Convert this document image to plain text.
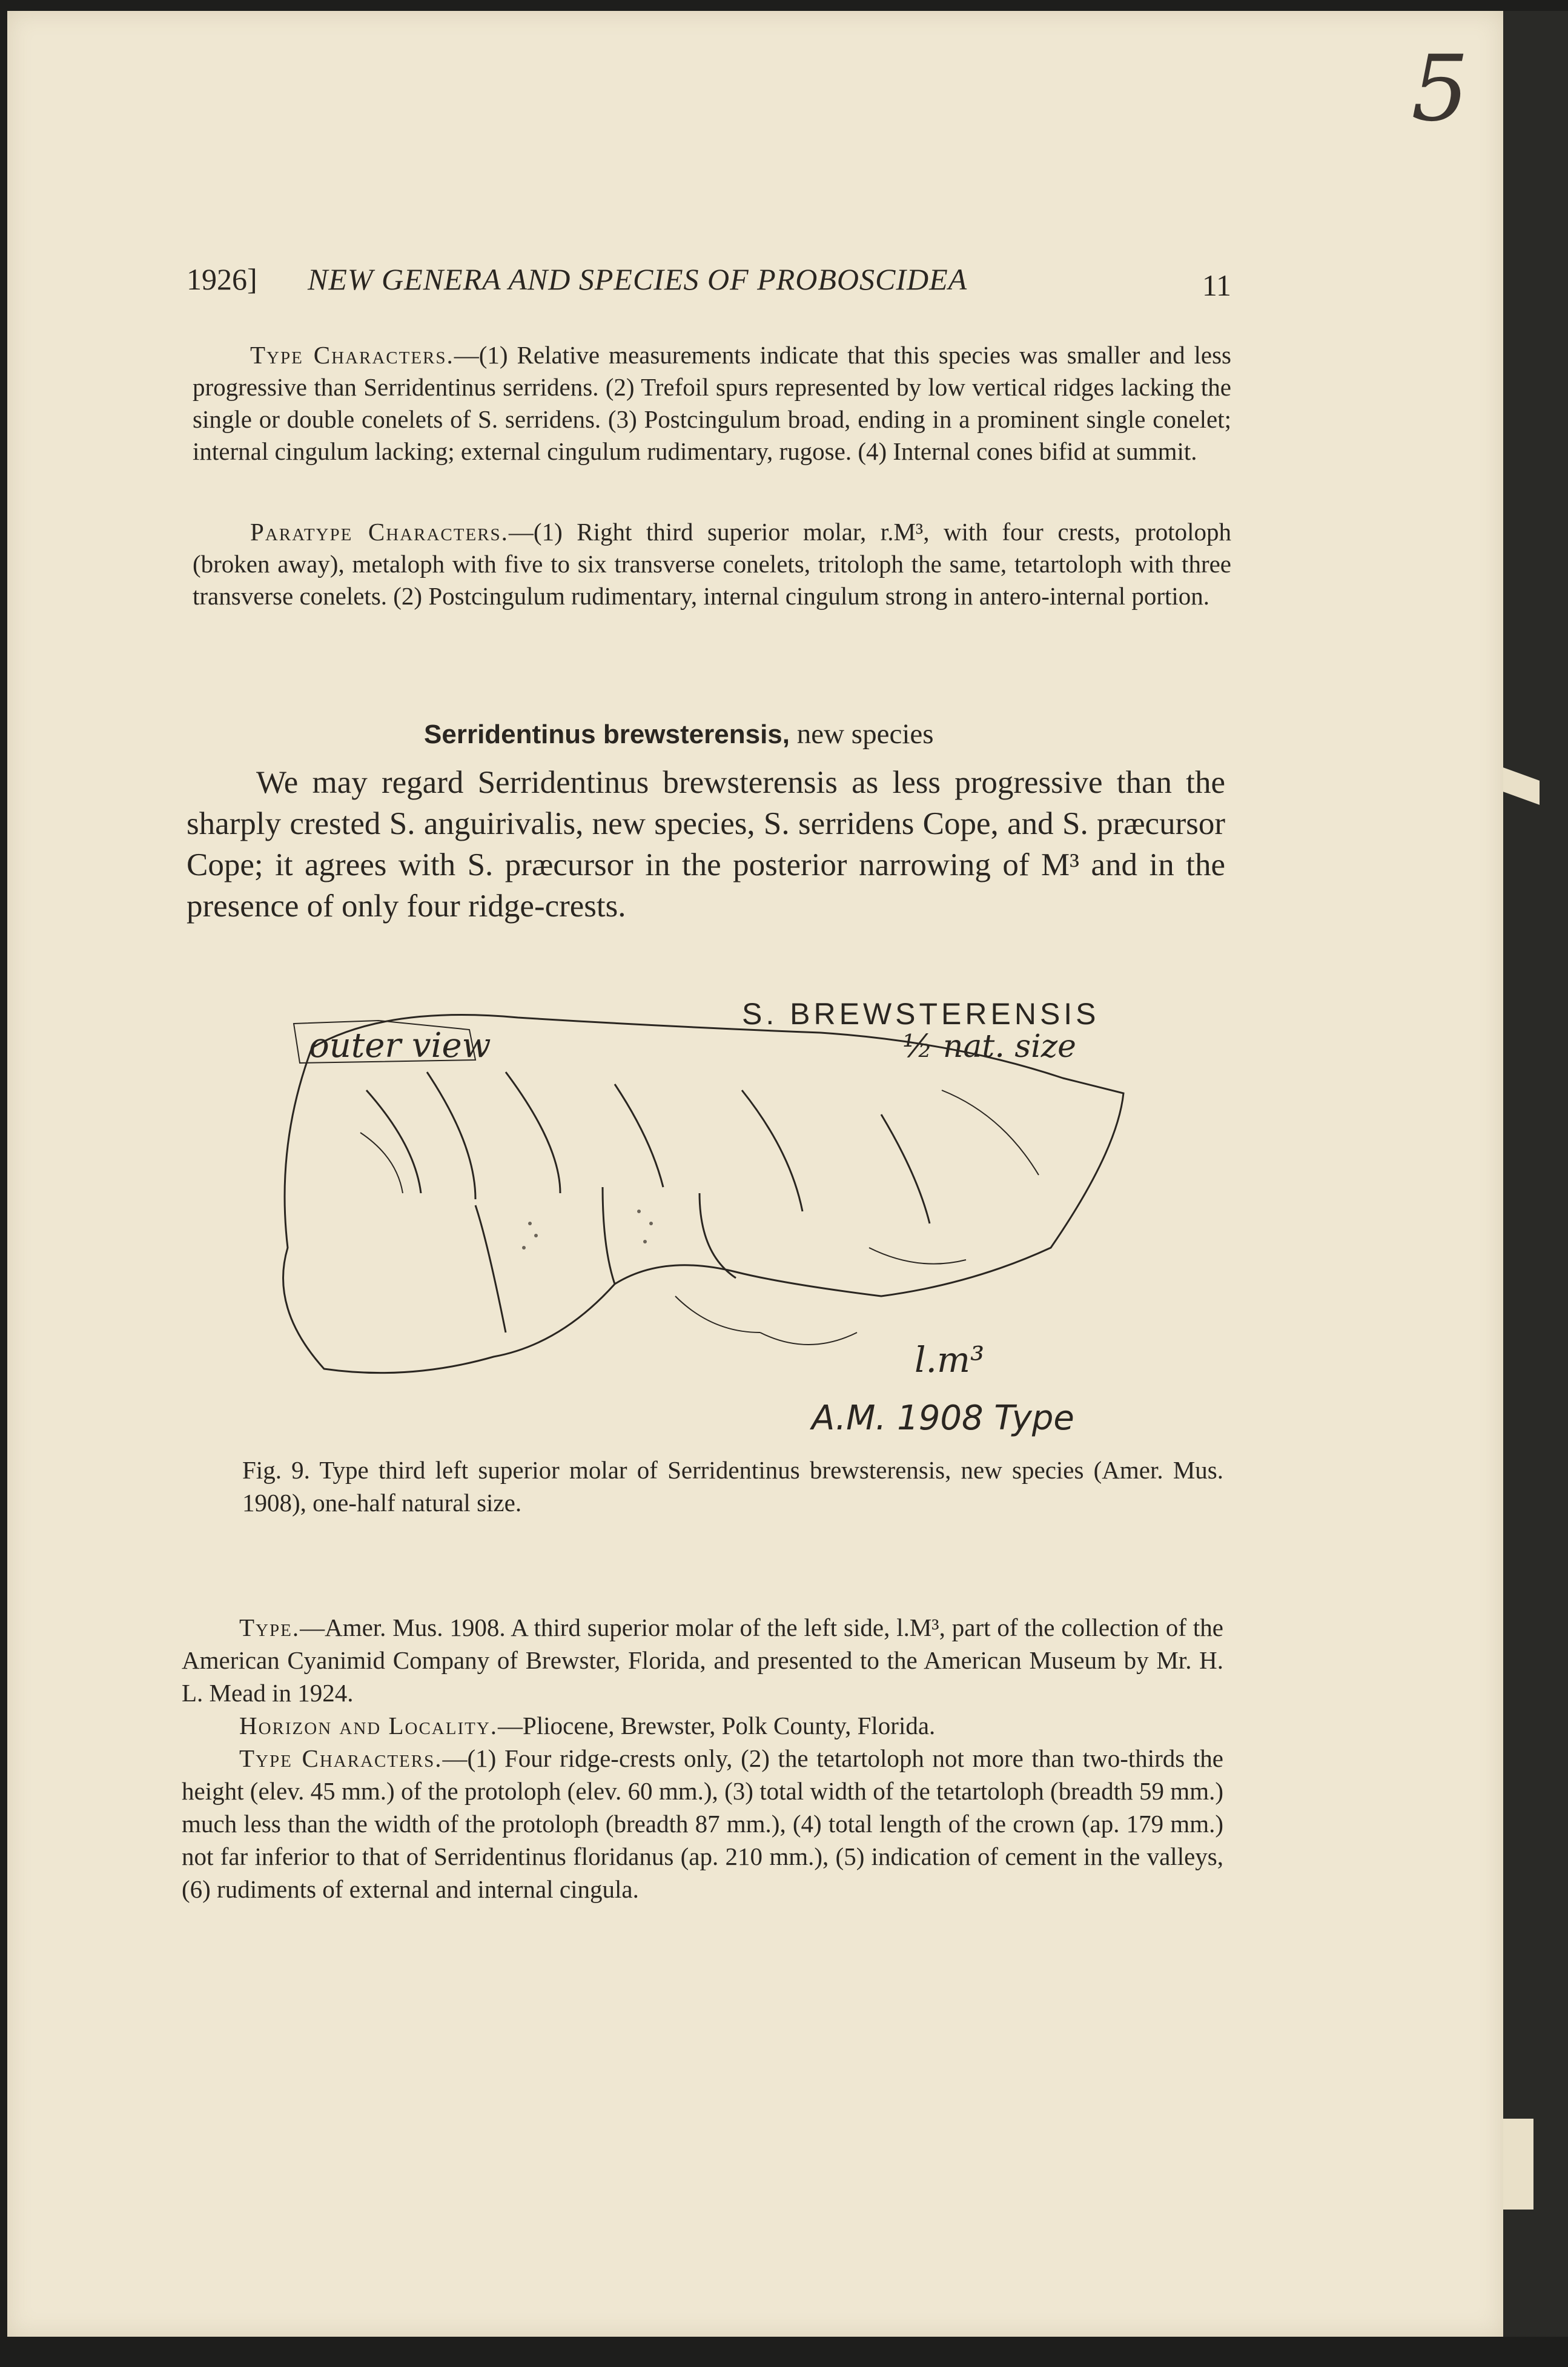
5
1926] NEW GENERA AND SPECIES OF PROBOSCIDEA	11

Type Characters.—(1) Relative measurements indicate that this species was smaller and less progressive than Serridentinus serridens. (2) Trefoil spurs represented by low vertical ridges lacking the single or double conelets of S. serridens. (3) Postcingulum broad, ending in a prominent single conelet; internal cingulum lacking; external cingulum rudimentary, rugose. (4) Internal cones bifid at summit.

Paratype Characters.—(1) Right third superior molar, r.M³, with four crests, protoloph (broken away), metaloph with five to six transverse conelets, tritoloph the same, tetartoloph with three transverse conelets. (2) Postcingulum rudimentary, internal cingulum strong in antero-internal portion.

Serridentinus brewsterensis, new species

We may regard Serridentinus brewsterensis as less progressive than the sharply crested S. anguirivalis, new species, S. serridens Cope, and S. præcursor Cope; it agrees with S. præcursor in the posterior narrowing of M³ and in the presence of only four ridge-crests.

outer view	½ nat. size
l.m³
A.M. 1908 Type
S. BREWSTERENSIS

Fig. 9. Type third left superior molar of Serridentinus brewsterensis, new species (Amer. Mus. 1908), one-half natural size.

Type.—Amer. Mus. 1908. A third superior molar of the left side, l.M³, part of the collection of the American Cyanimid Company of Brewster, Florida, and presented to the American Museum by Mr. H. L. Mead in 1924.

Horizon and Locality.—Pliocene, Brewster, Polk County, Florida.

Type Characters.—(1) Four ridge-crests only, (2) the tetartoloph not more than two-thirds the height (elev. 45 mm.) of the protoloph (elev. 60 mm.), (3) total width of the tetartoloph (breadth 59 mm.) much less than the width of the protoloph (breadth 87 mm.), (4) total length of the crown (ap. 179 mm.) not far inferior to that of Serridentinus floridanus (ap. 210 mm.), (5) indication of cement in the valleys, (6) rudiments of external and internal cingula.
